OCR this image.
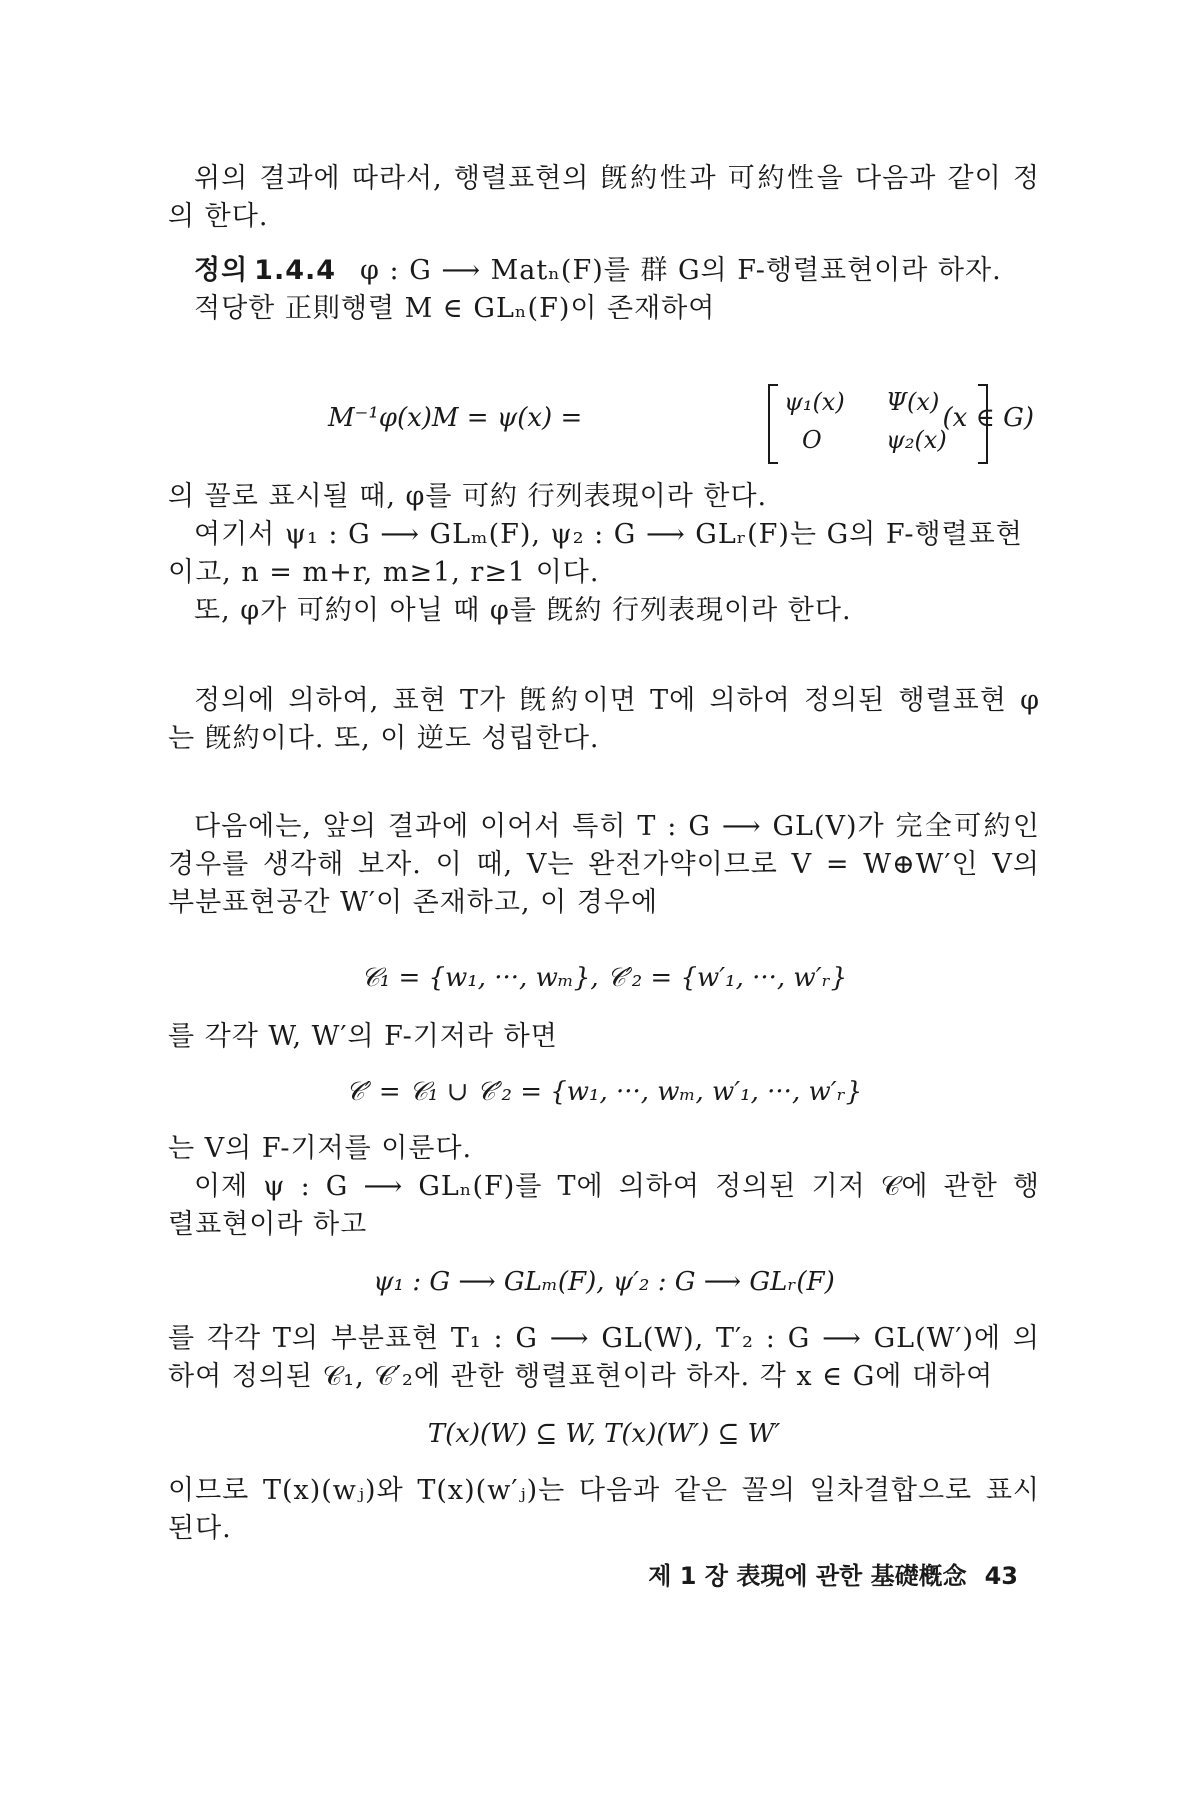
위의 결과에 따라서, 행렬표현의 旣約性과 可約性을 다음과 같이 정
의 한다.
정의 1.4.4 φ : G ⟶ Matₙ(F)를 群 G의 F-행렬표현이라 하자.
적당한 正則행렬 M ∈ GLₙ(F)이 존재하여
M⁻¹φ(x)M = ψ(x) =
ψ₁(x) Ψ(x)
O	ψ₂(x)
(x ∈ G)
의 꼴로 표시될 때, φ를 可約 行列表現이라 한다.
여기서 ψ₁ : G ⟶ GLₘ(F), ψ₂ : G ⟶ GLᵣ(F)는 G의 F-행렬표현
이고, n = m+r, m≥1, r≥1 이다.
또, φ가 可約이 아닐 때 φ를 旣約 行列表現이라 한다.
정의에 의하여, 표현 T가 旣約이면 T에 의하여 정의된 행렬표현 φ
는 旣約이다. 또, 이 逆도 성립한다.
다음에는, 앞의 결과에 이어서 특히 T : G ⟶ GL(V)가 完全可約인
경우를 생각해 보자. 이 때, V는 완전가약이므로 V = W⊕W′인 V의
부분표현공간 W′이 존재하고, 이 경우에
𝒞₁ = {w₁, ···, wₘ}, 𝒞′₂ = {w′₁, ···, w′ᵣ}
를 각각 W, W′의 F-기저라 하면
𝒞′ = 𝒞₁ ∪ 𝒞′₂ = {w₁, ···, wₘ, w′₁, ···, w′ᵣ}
는 V의 F-기저를 이룬다.
이제 ψ : G ⟶ GLₙ(F)를 T에 의하여 정의된 기저 𝒞에 관한 행
렬표현이라 하고
ψ₁ : G ⟶ GLₘ(F), ψ′₂ : G ⟶ GLᵣ(F)
를 각각 T의 부분표현 T₁ : G ⟶ GL(W), T′₂ : G ⟶ GL(W′)에 의
하여 정의된 𝒞₁, 𝒞′₂에 관한 행렬표현이라 하자. 각 x ∈ G에 대하여
T(x)(W) ⊆ W, T(x)(W′) ⊆ W′
이므로 T(x)(wⱼ)와 T(x)(w′ⱼ)는 다음과 같은 꼴의 일차결합으로 표시
된다.
제 1 장 表現에 관한 基礎槪念 43
